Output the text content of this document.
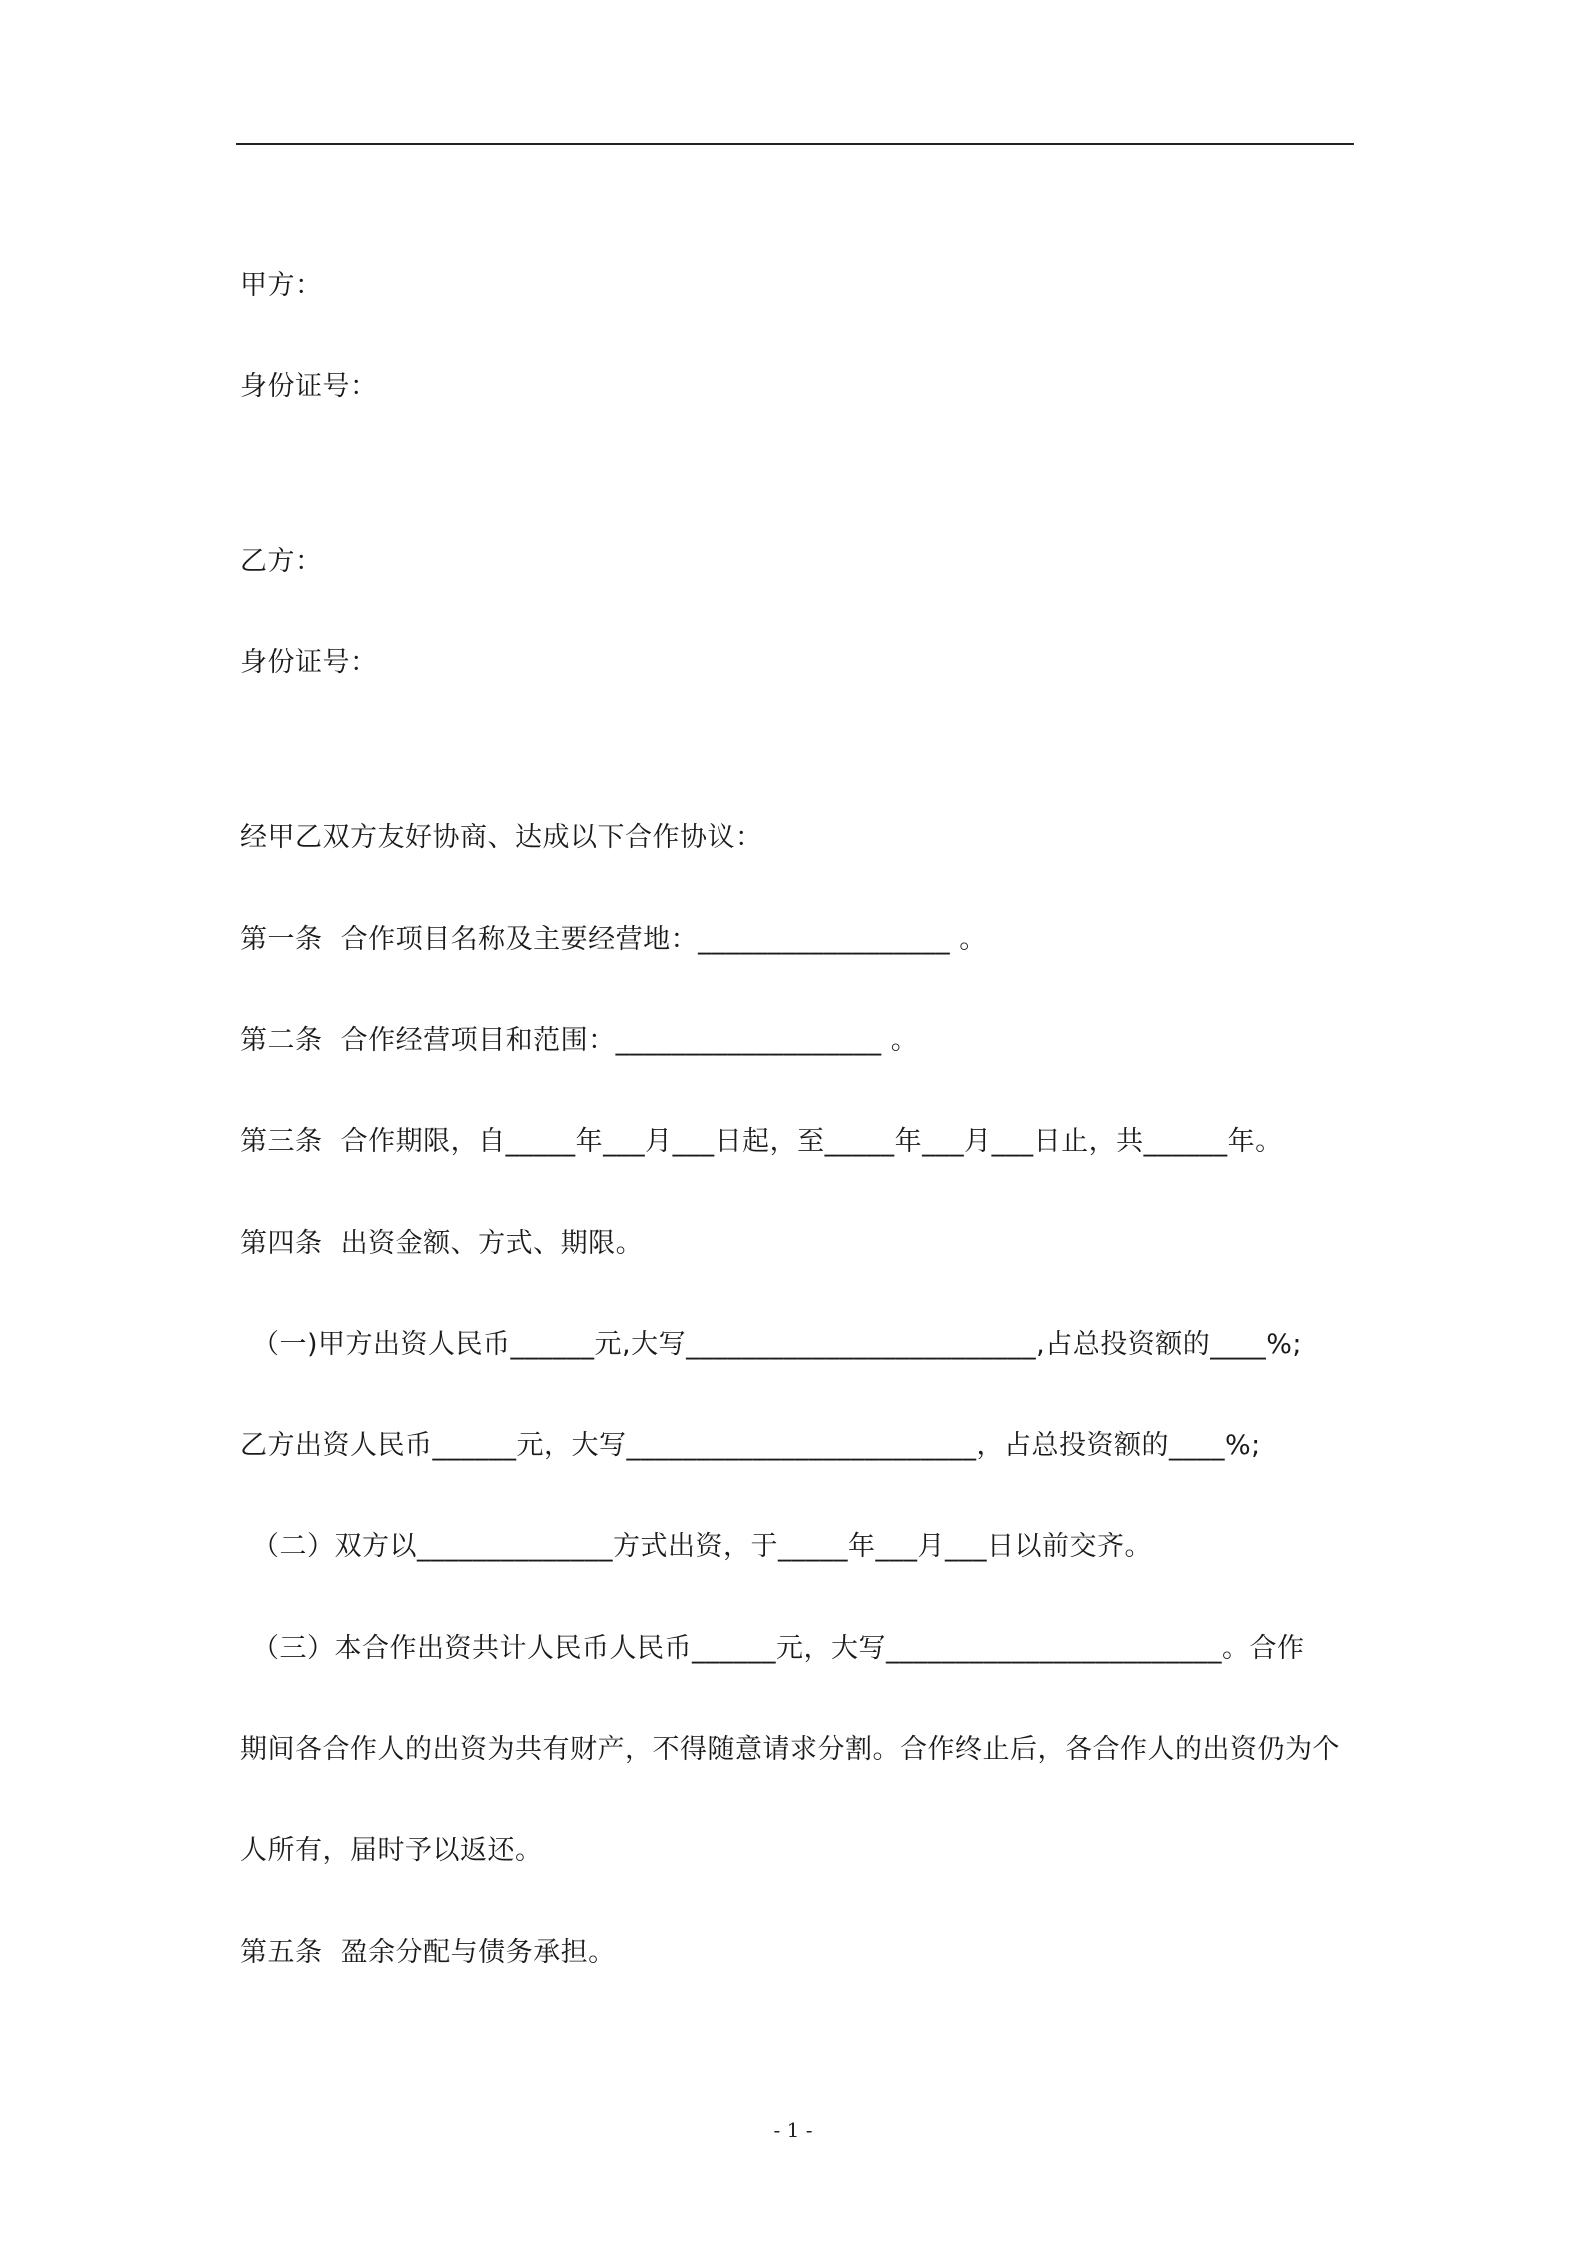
甲方：
身份证号：
乙方：
身份证号：
经甲乙双方友好协商、达成以下合作协议：
第一条  合作项目名称及主要经营地：__________________ 。
第二条  合作经营项目和范围：___________________ 。
第三条  合作期限，自_____年___月___日起，至_____年___月___日止，共______年。
第四条  出资金额、方式、期限。
（一)甲方出资人民币______元,大写_________________________,占总投资额的____%;
乙方出资人民币______元，大写_________________________，占总投资额的____%;
（二）双方以______________方式出资，于_____年___月___日以前交齐。
（三）本合作出资共计人民币人民币______元，大写________________________。合作
期间各合作人的出资为共有财产，不得随意请求分割。合作终止后，各合作人的出资仍为个
人所有，届时予以返还。
第五条  盈余分配与债务承担。
- 1 -
